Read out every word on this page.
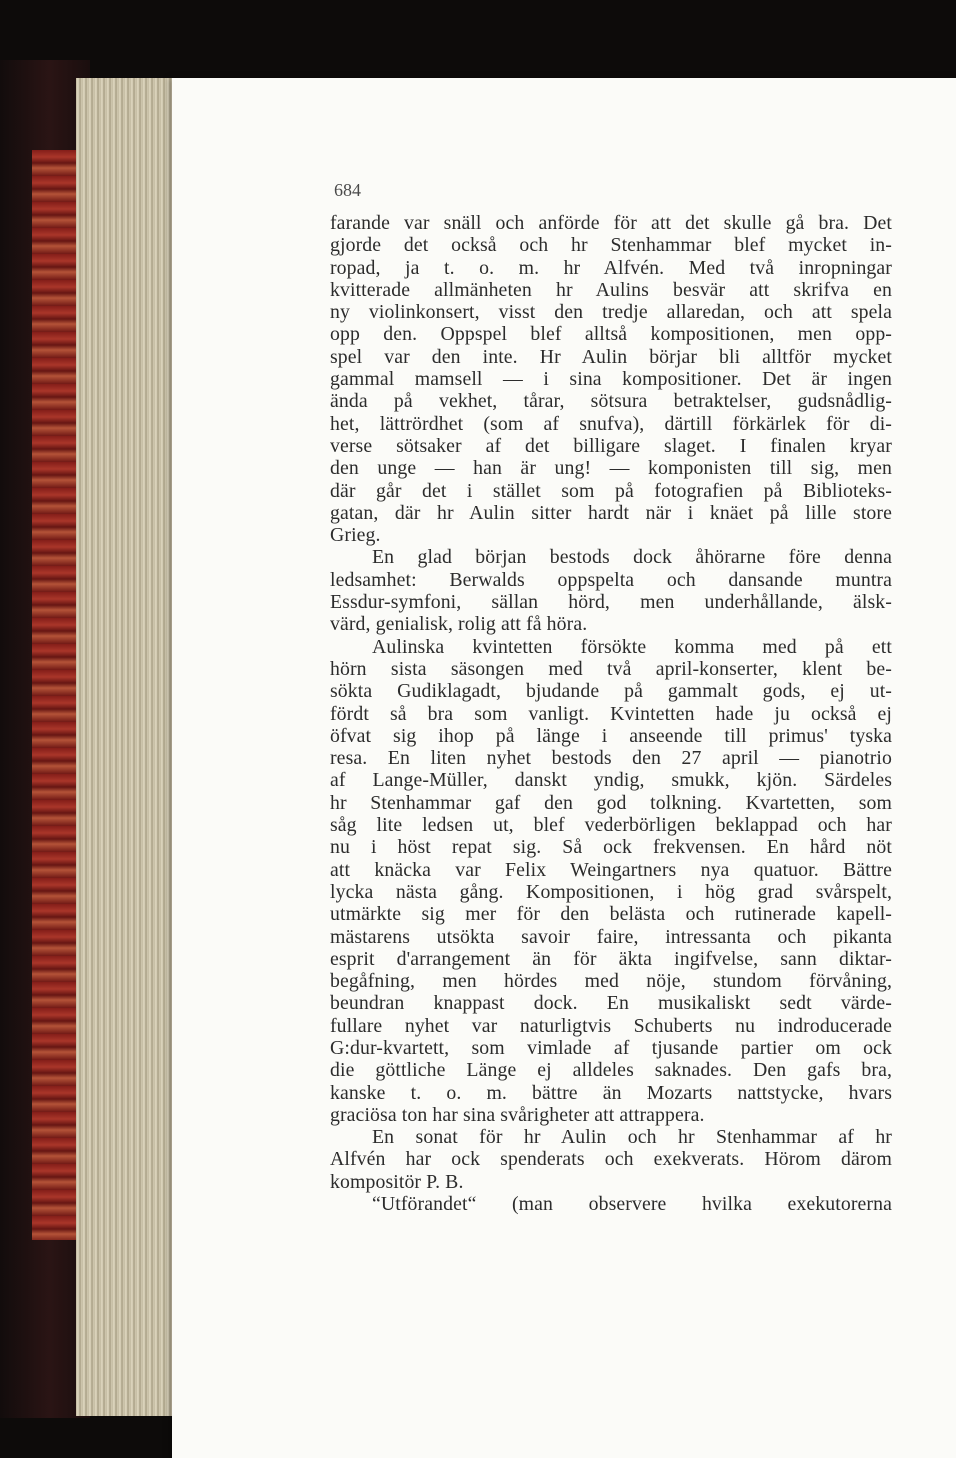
684
farande var snäll och anförde för att det skulle gå bra. Det
gjorde det också och hr Stenhammar blef mycket in-
ropad, ja t. o. m. hr Alfvén. Med två inropningar
kvitterade allmänheten hr Aulins besvär att skrifva en
ny violinkonsert, visst den tredje allaredan, och att spela
opp den. Oppspel blef alltså kompositionen, men opp-
spel var den inte. Hr Aulin börjar bli alltför mycket
gammal mamsell — i sina kompositioner. Det är ingen
ända på vekhet, tårar, sötsura betraktelser, gudsnådlig-
het, lättrördhet (som af snufva), därtill förkärlek för di-
verse sötsaker af det billigare slaget. I finalen kryar
den unge — han är ung! — komponisten till sig, men
där går det i stället som på fotografien på Biblioteks-
gatan, där hr Aulin sitter hardt när i knäet på lille store
Grieg.
En glad början bestods dock åhörarne före denna
ledsamhet: Berwalds oppspelta och dansande muntra
Essdur-symfoni, sällan hörd, men underhållande, älsk-
värd, genialisk, rolig att få höra.
Aulinska kvintetten försökte komma med på ett
hörn sista säsongen med två april-konserter, klent be-
sökta Gudiklagadt, bjudande på gammalt gods, ej ut-
fördt så bra som vanligt. Kvintetten hade ju också ej
öfvat sig ihop på länge i anseende till primus' tyska
resa. En liten nyhet bestods den 27 april — pianotrio
af Lange-Müller, danskt yndig, smukk, kjön. Särdeles
hr Stenhammar gaf den god tolkning. Kvartetten, som
såg lite ledsen ut, blef vederbörligen beklappad och har
nu i höst repat sig. Så ock frekvensen. En hård nöt
att knäcka var Felix Weingartners nya quatuor. Bättre
lycka nästa gång. Kompositionen, i hög grad svårspelt,
utmärkte sig mer för den belästa och rutinerade kapell-
mästarens utsökta savoir faire, intressanta och pikanta
esprit d'arrangement än för äkta ingifvelse, sann diktar-
begåfning, men hördes med nöje, stundom förvåning,
beundran knappast dock. En musikaliskt sedt värde-
fullare nyhet var naturligtvis Schuberts nu indroducerade
G:dur-kvartett, som vimlade af tjusande partier om ock
die göttliche Länge ej alldeles saknades. Den gafs bra,
kanske t. o. m. bättre än Mozarts nattstycke, hvars
graciösa ton har sina svårigheter att attrappera.
En sonat för hr Aulin och hr Stenhammar af hr
Alfvén har ock spenderats och exekverats. Hörom därom
kompositör P. B.
“Utförandet“ (man observere hvilka exekutorerna
